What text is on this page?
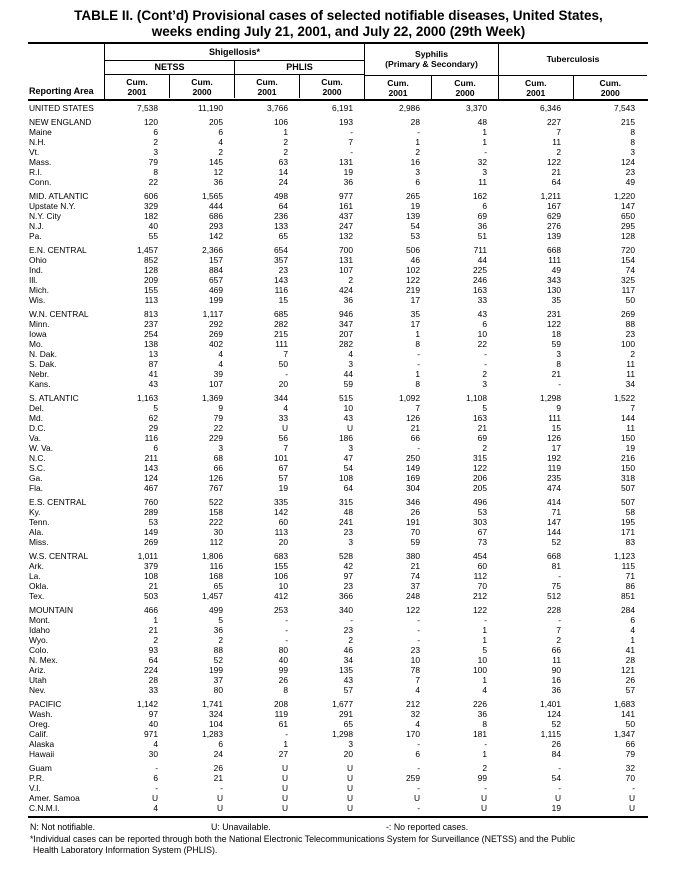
TABLE II. (Cont’d) Provisional cases of selected notifiable diseases, United States,
weeks ending July 21, 2001, and July 22, 2000 (29th Week)
Reporting Area
Shigellosis*
NETSS	PHLIS
Cum.
2001
Cum.
2000
Cum.
2001
Cum.
2000
Syphilis
(Primary & Secondary)
Cum.
2001
Cum.
2000
Tuberculosis
Cum.
2001
Cum.
2000
UNITED STATES	7,538	11,190	3,766	6,191	2,986	3,370	6,346	7,543
NEW ENGLAND	120	205	106	193	28	48	227	215
Maine	6	6	1	-	-	1	7	8
N.H.	2	4	2	7	1	1	11	8
Vt.	3	2	2	-	2	-	2	3
Mass.	79	145	63	131	16	32	122	124
R.I.	8	12	14	19	3	3	21	23
Conn.	22	36	24	36	6	11	64	49
MID. ATLANTIC	606	1,565	498	977	265	162	1,211	1,220
Upstate N.Y.	329	444	64	161	19	6	167	147
N.Y. City	182	686	236	437	139	69	629	650
N.J.	40	293	133	247	54	36	276	295
Pa.	55	142	65	132	53	51	139	128
E.N. CENTRAL	1,457	2,366	654	700	506	711	668	720
Ohio	852	157	357	131	46	44	111	154
Ind.	128	884	23	107	102	225	49	74
Ill.	209	657	143	2	122	246	343	325
Mich.	155	469	116	424	219	163	130	117
Wis.	113	199	15	36	17	33	35	50
W.N. CENTRAL	813	1,117	685	946	35	43	231	269
Minn.	237	292	282	347	17	6	122	88
Iowa	254	269	215	207	1	10	18	23
Mo.	138	402	111	282	8	22	59	100
N. Dak.	13	4	7	4	-	-	3	2
S. Dak.	87	4	50	3	-	-	8	11
Nebr.	41	39	-	44	1	2	21	11
Kans.	43	107	20	59	8	3	-	34
S. ATLANTIC	1,163	1,369	344	515	1,092	1,108	1,298	1,522
Del.	5	9	4	10	7	5	9	7
Md.	62	79	33	43	126	163	111	144
D.C.	29	22	U	U	21	21	15	11
Va.	116	229	56	186	66	69	126	150
W. Va.	6	3	7	3	-	2	17	19
N.C.	211	68	101	47	250	315	192	216
S.C.	143	66	67	54	149	122	119	150
Ga.	124	126	57	108	169	206	235	318
Fla.	467	767	19	64	304	205	474	507
E.S. CENTRAL	760	522	335	315	346	496	414	507
Ky.	289	158	142	48	26	53	71	58
Tenn.	53	222	60	241	191	303	147	195
Ala.	149	30	113	23	70	67	144	171
Miss.	269	112	20	3	59	73	52	83
W.S. CENTRAL	1,011	1,806	683	528	380	454	668	1,123
Ark.	379	116	155	42	21	60	81	115
La.	108	168	106	97	74	112	-	71
Okla.	21	65	10	23	37	70	75	86
Tex.	503	1,457	412	366	248	212	512	851
MOUNTAIN	466	499	253	340	122	122	228	284
Mont.	1	5	-	-	-	-	-	6
Idaho	21	36	-	23	-	1	7	4
Wyo.	2	2	-	2	-	1	2	1
Colo.	93	88	80	46	23	5	66	41
N. Mex.	64	52	40	34	10	10	11	28
Ariz.	224	199	99	135	78	100	90	121
Utah	28	37	26	43	7	1	16	26
Nev.	33	80	8	57	4	4	36	57
PACIFIC	1,142	1,741	208	1,677	212	226	1,401	1,683
Wash.	97	324	119	291	32	36	124	141
Oreg.	40	104	61	65	4	8	52	50
Calif.	971	1,283	-	1,298	170	181	1,115	1,347
Alaska	4	6	1	3	-	-	26	66
Hawaii	30	24	27	20	6	1	84	79
Guam	-	26	U	U	-	2	-	32
P.R.	6	21	U	U	259	99	54	70
V.I.	-	-	U	U	-	-	-	-
Amer. Samoa	U	U	U	U	U	U	U	U
C.N.M.I.	4	U	U	U	-	U	19	U
N: Not notifiable.	U: Unavailable.	-: No reported cases.
*Individual cases can be reported through both the National Electronic Telecommunications System for Surveillance (NETSS) and the Public
Health Laboratory Information System (PHLIS).
